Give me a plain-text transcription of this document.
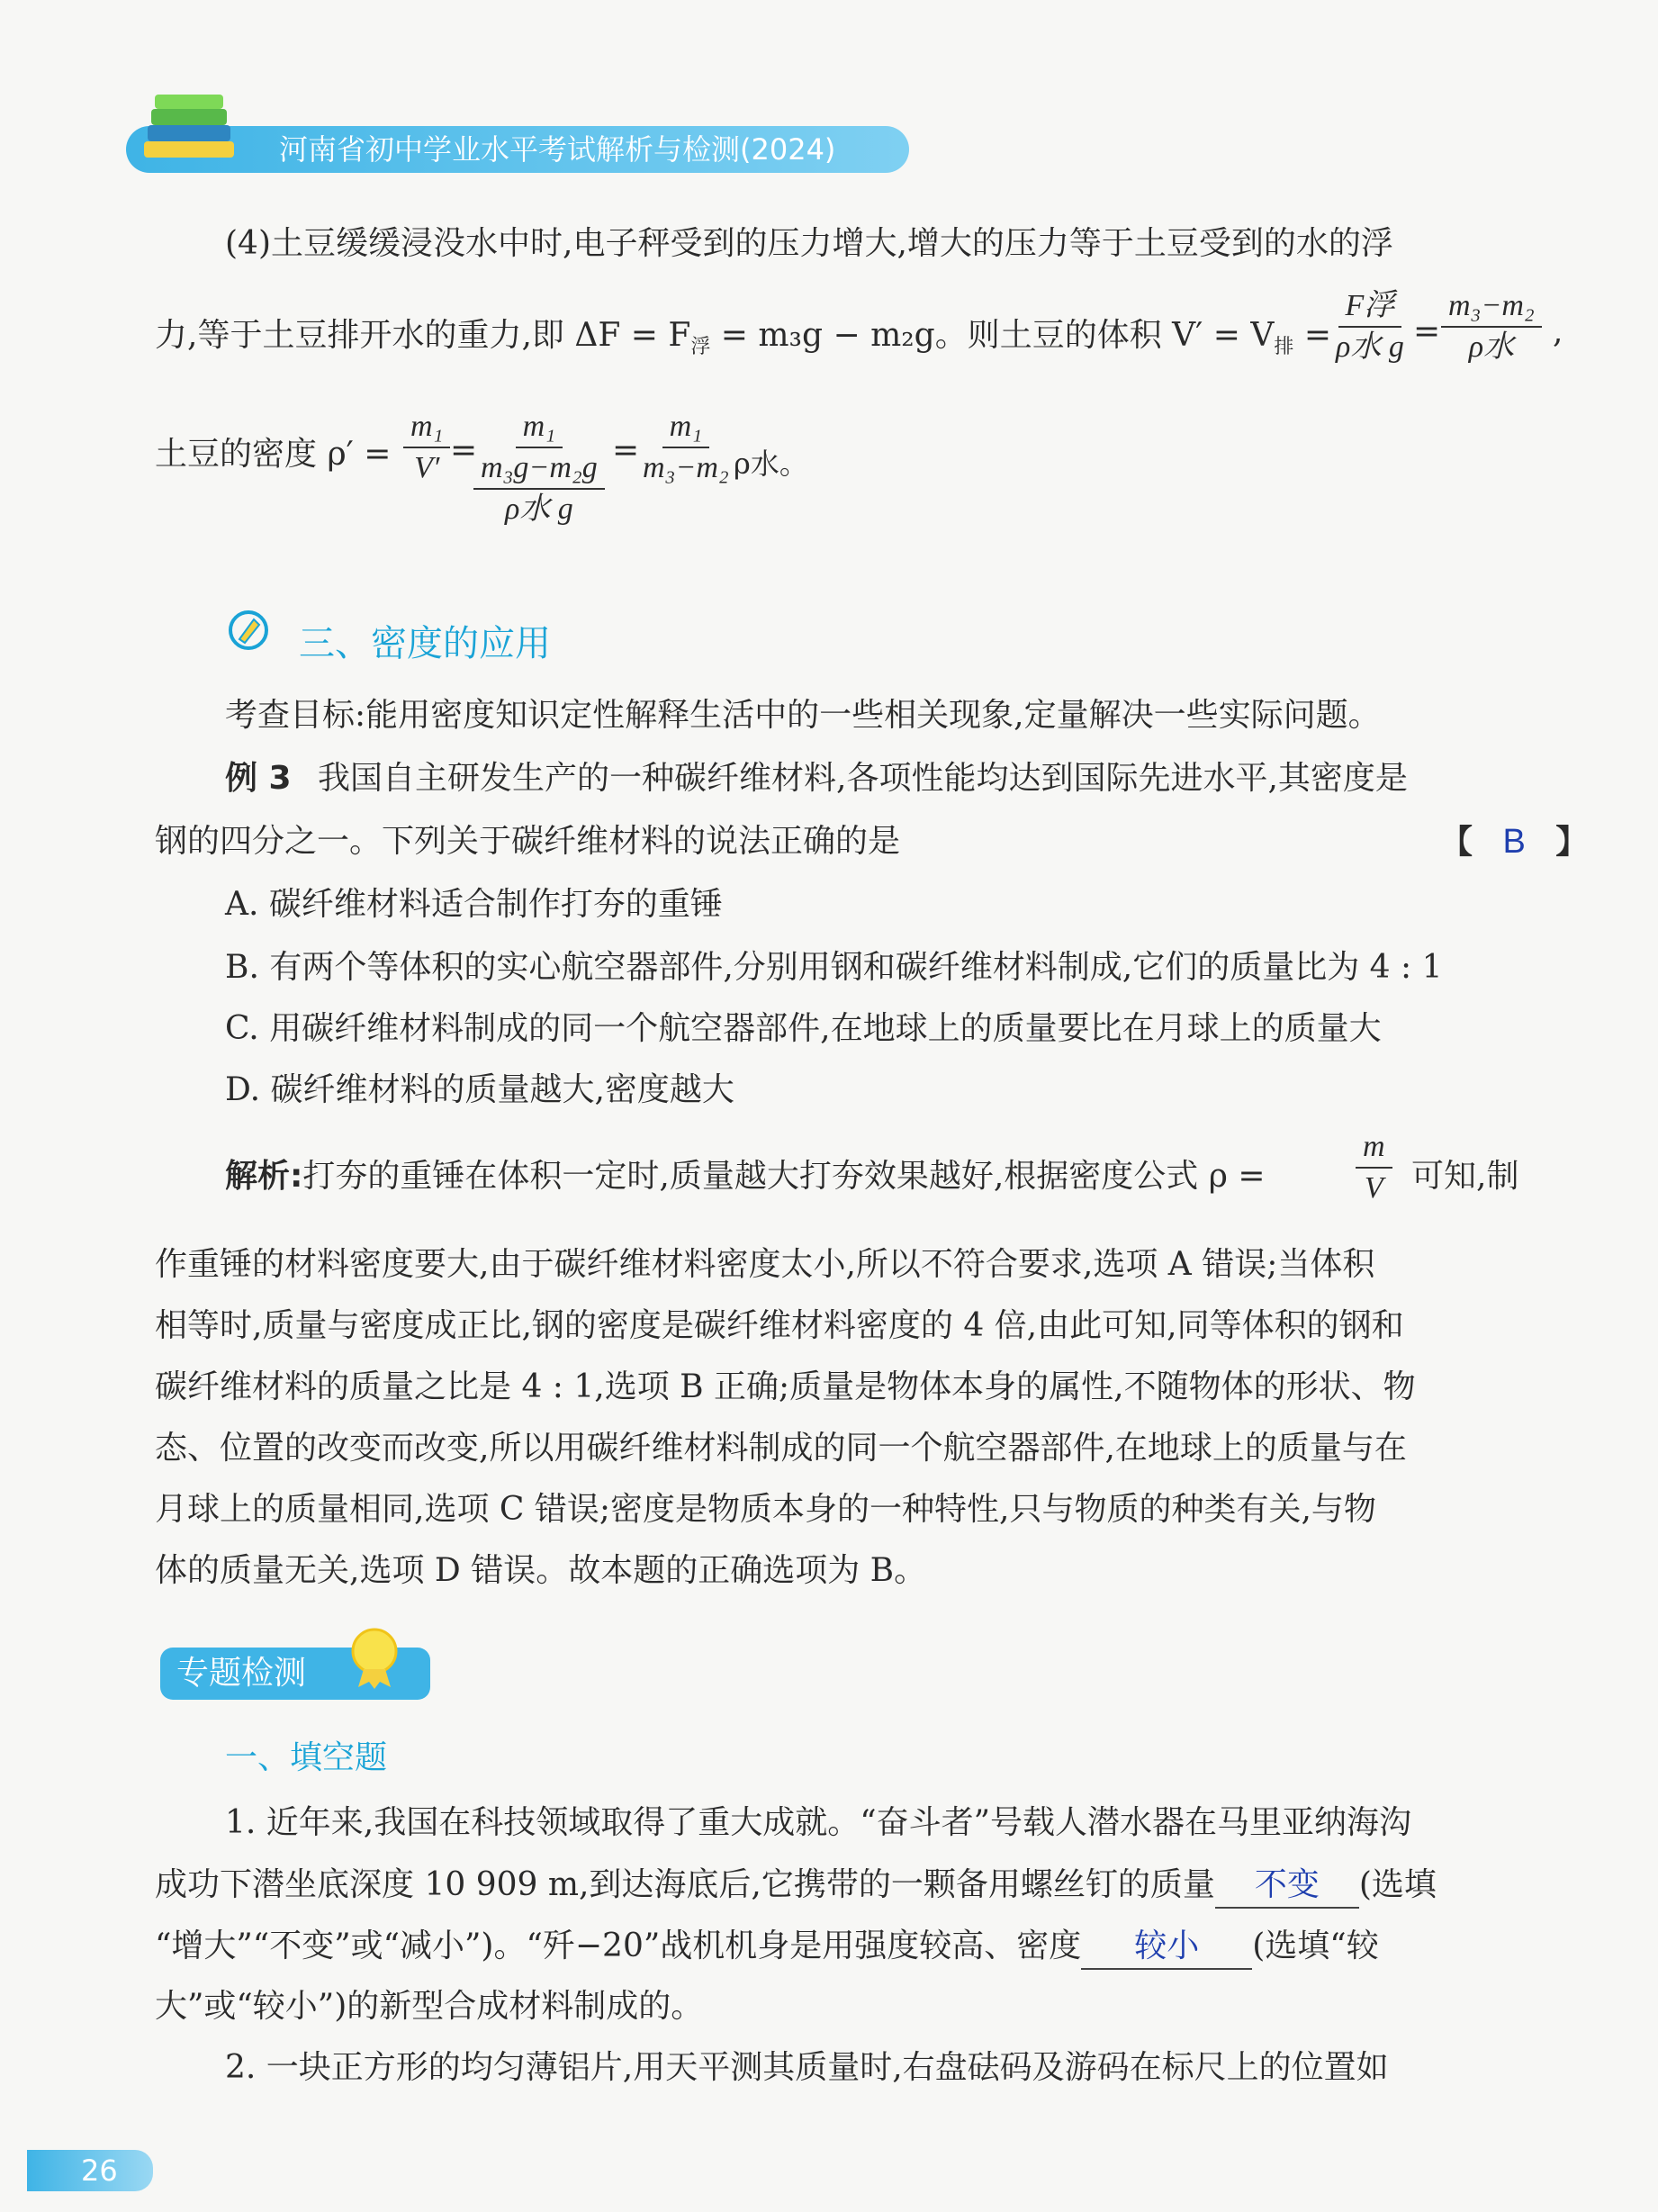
河南省初中学业水平考试解析与检测(2024)
(4)土豆缓缓浸没水中时,电子秤受到的压力增大,增大的压力等于土豆受到的水的浮
力,等于土豆排开水的重力,即 $\Delta F = F_浮 = m_3g - m_2g$。则土豆的体积 $V' = V_排$ =
F浮
ρ水 g =
m₃−m₂
ρ水 ,
土豆的密度 $\rho' = \frac{\text{m₁}}{V'}$ =
m₁
m₃g−m₂g
ρ水 g
=
$\frac{\text{m₁}}{\text{m₃−m₂}}$
ρ水。
三、密度的应用
考查目标:能用密度知识定性解释生活中的一些相关现象,定量解决一些实际问题。
例 3 我国自主研发生产的一种碳纤维材料,各项性能均达到国际先进水平,其密度是
钢的四分之一。下列关于碳纤维材料的说法正确的是	【 B 】
A. 碳纤维材料适合制作打夯的重锤
B. 有两个等体积的实心航空器部件,分别用钢和碳纤维材料制成,它们的质量比为 4 : 1
C. 用碳纤维材料制成的同一个航空器部件,在地球上的质量要比在月球上的质量大
D. 碳纤维材料的质量越大,密度越大
解析:打夯的重锤在体积一定时,质量越大打夯效果越好,根据密度公式 ρ =	$\frac{m}{V}$ 可知,制
作重锤的材料密度要大,由于碳纤维材料密度太小,所以不符合要求,选项 A 错误;当体积
相等时,质量与密度成正比,钢的密度是碳纤维材料密度的 4 倍,由此可知,同等体积的钢和
碳纤维材料的质量之比是 4 : 1,选项 B 正确;质量是物体本身的属性,不随物体的形状、物
态、位置的改变而改变,所以用碳纤维材料制成的同一个航空器部件,在地球上的质量与在
月球上的质量相同,选项 C 错误;密度是物质本身的一种特性,只与物质的种类有关,与物
体的质量无关,选项 D 错误。故本题的正确选项为 B。
专题检测
一、填空题
1. 近年来,我国在科技领域取得了重大成就。“奋斗者”号载人潜水器在马里亚纳海沟
成功下潜坐底深度 10 909 m,到达海底后,它携带的一颗备用螺丝钉的质量 不变 (选填
“增大”“不变”或“减小”)。“歼−20”战机机身是用强度较高、密度 较小 (选填“较
大”或“较小”)的新型合成材料制成的。
2. 一块正方形的均匀薄铝片,用天平测其质量时,右盘砝码及游码在标尺上的位置如
26
